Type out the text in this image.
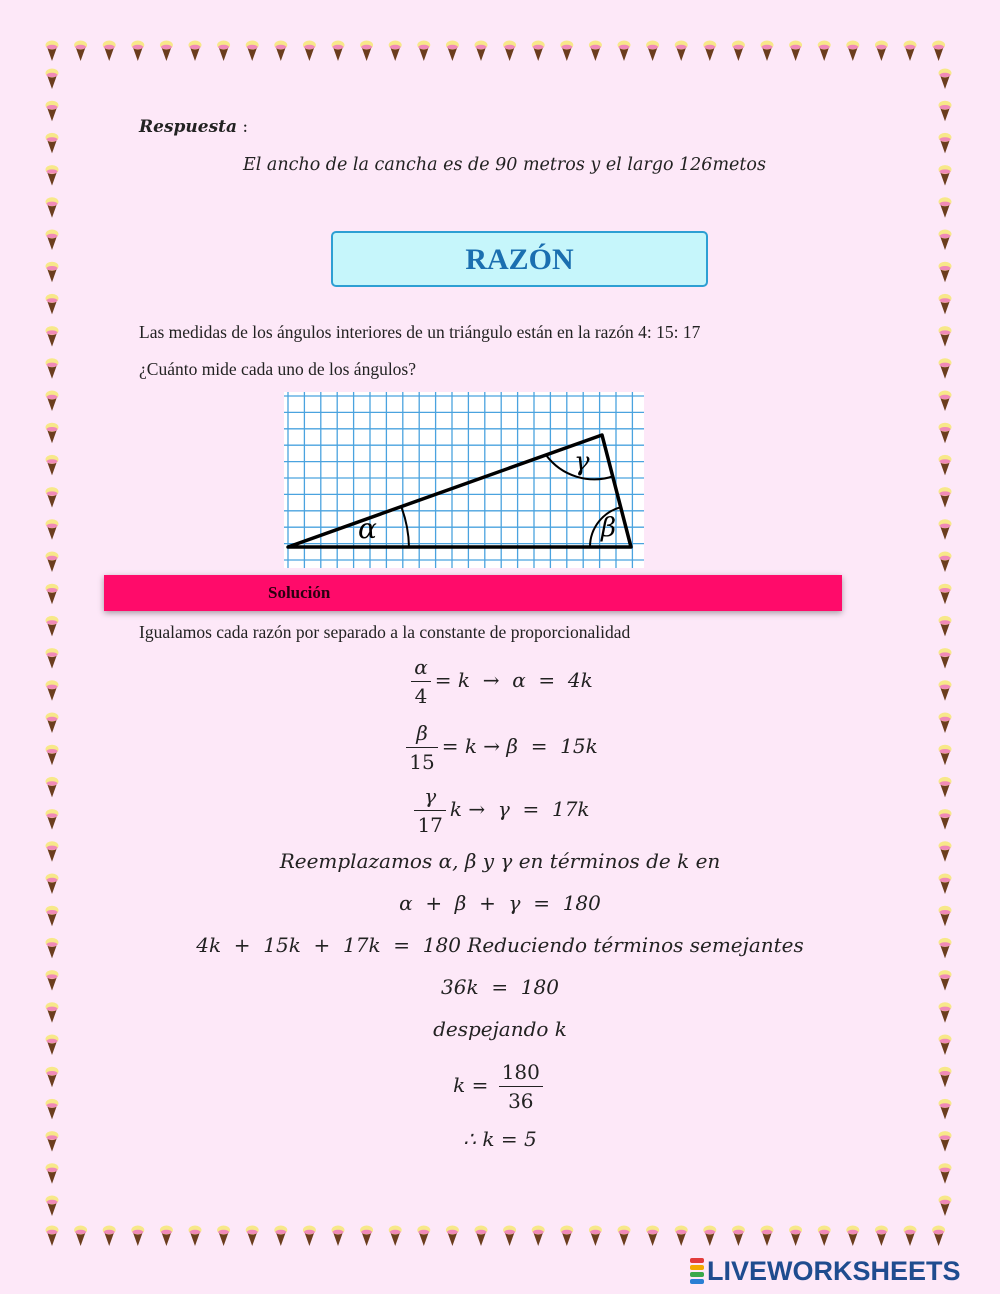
Respuesta :
El ancho de la cancha es de 90 metros y el largo 126metos
RAZÓN
Las medidas de los ángulos interiores de un triángulo están en la razón 4: 15: 17
¿Cuánto mide cada uno de los ángulos?
α	β
γ
Solución
Igualamos cada razón por separado a la constante de proporcionalidad
$\frac{\alpha}{4} = k \to \alpha = 4k$
$\frac{\beta}{15} = k \to \beta = 15k$
$\frac{\gamma}{17}$ k →  γ  =  17k
Reemplazamos α, β y γ en términos de k en
α  +  β  +  γ  =  180
4k  +  15k  +  17k  =  180 Reduciendo términos semejantes
36k  =  180
despejando k
$k = \frac{180}{36}$
∴ k = 5
LIVEWORKSHEETS
